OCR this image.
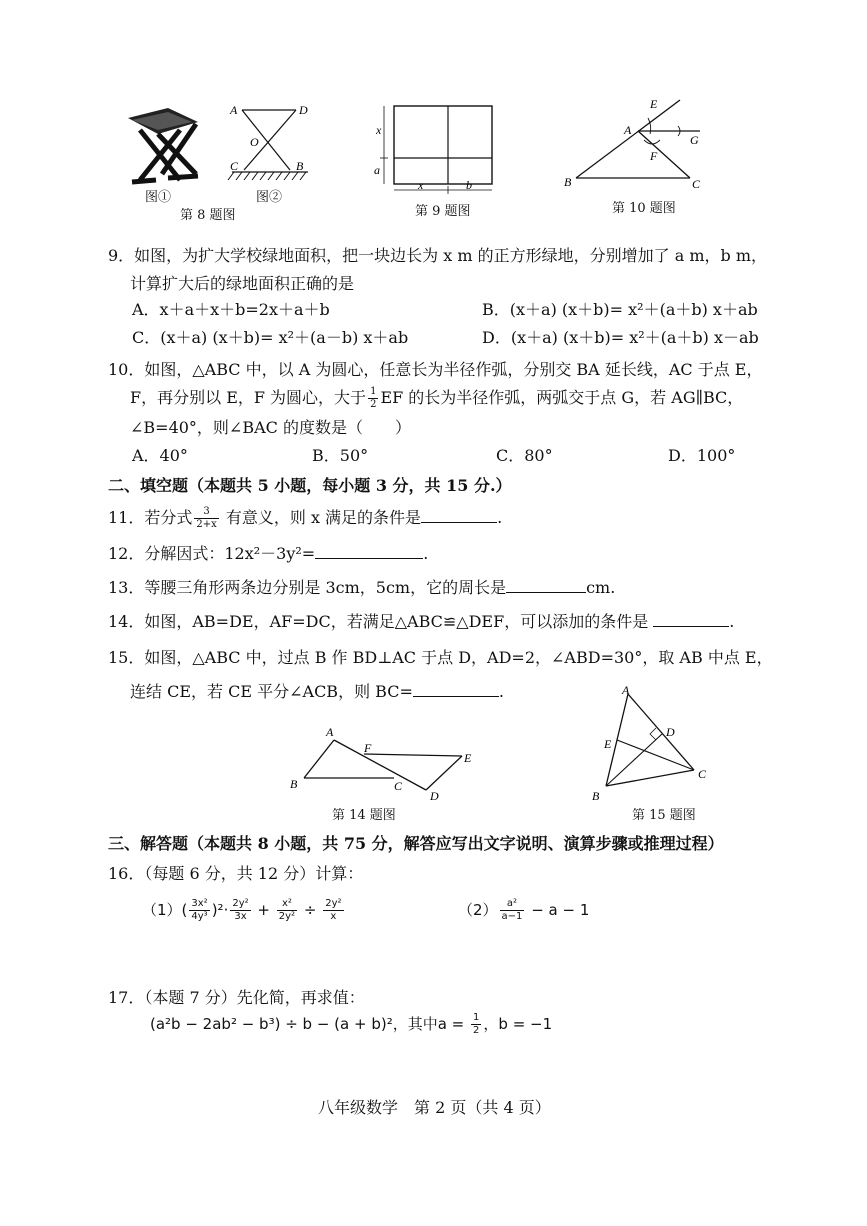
图①
A	D
O
C	B
图②
第 8 题图
x
a
x	b
第 9 题图
E
A
G
F
B	C
第 10 题图
9．如图，为扩大学校绿地面积，把一块边长为 x m 的正方形绿地，分别增加了 a m，b m，
计算扩大后的绿地面积正确的是
A．x＋a＋x＋b=2x＋a＋b	B．(x＋a) (x＋b)= x²＋(a＋b) x＋ab
C．(x＋a) (x＋b)= x²＋(a－b) x＋ab	D．(x＋a) (x＋b)= x²＋(a＋b) x－ab
10．如图，△ABC 中，以 A 为圆心，任意长为半径作弧，分别交 BA 延长线，AC 于点 E，
F，再分别以 E，F 为圆心，大于 $\frac{1}{2}$ EF 的长为半径作弧，两弧交于点 G，若 AG∥BC，
∠B=40°，则∠BAC 的度数是（　　）
A．40°	B．50°	C．80°	D．100°
二、填空题（本题共 5 小题，每小题 3 分，共 15 分.）
11．若分式 $\frac{3}{2+x}$ 有意义，则 x 满足的条件是	.
12．分解因式：12x²－3y²=	.
13．等腰三角形两条边分别是 3cm，5cm，它的周长是	cm.
14．如图，AB=DE，AF=DC，若满足△ABC≌△DEF，可以添加的条件是	.
15．如图，△ABC 中，过点 B 作 BD⊥AC 于点 D，AD=2，∠ABD=30°，取 AB 中点 E，
连结 CE，若 CE 平分∠ACB，则 BC=	.
A
F
E
B	C
D
第 14 题图
A
D
E
C
B
第 15 题图
三、解答题（本题共 8 小题，共 75 分，解答应写出文字说明、演算步骤或推理过程）
16．（每题 6 分，共 12 分）计算：
$(1)( \frac{\text{3x²}}{\text{4y³}} )^2\cdot \frac{\text{2y²}}{3x} + \frac{\text{x²}}{\text{2y²}} \div \frac{\text{2y²}}{x}$	$(2) \frac{\text{a²}}{a-1} - a - 1$
17．（本题 7 分）先化简，再求值：
(a²b − 2ab² − b³) ÷ b − (a + b)²，其中$a = \frac{1}{2}$ ，b = −1
八年级数学　第 2 页（共 4 页）
